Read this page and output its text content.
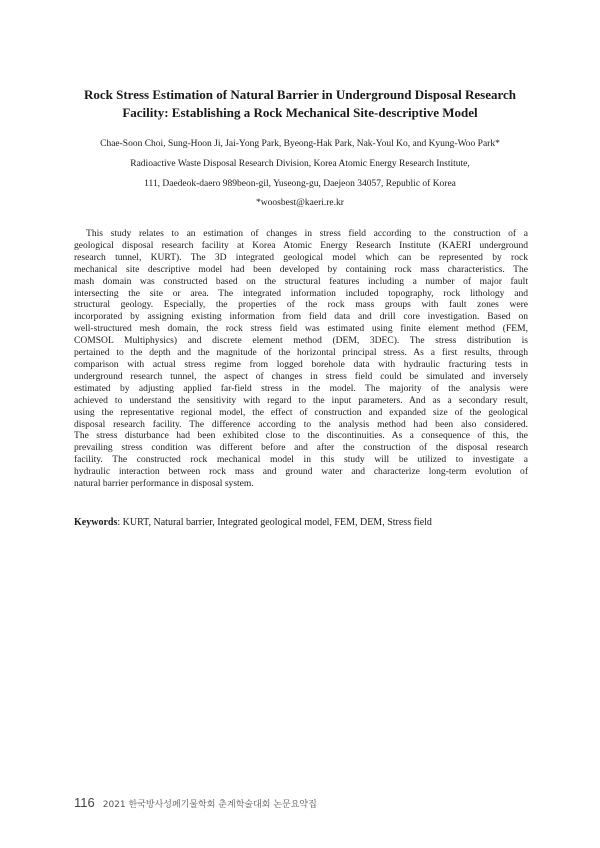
Rock Stress Estimation of Natural Barrier in Underground Disposal Research
Facility: Establishing a Rock Mechanical Site-descriptive Model

Chae-Soon Choi, Sung-Hoon Ji, Jai-Yong Park, Byeong-Hak Park, Nak-Youl Ko, and Kyung-Woo Park*

Radioactive Waste Disposal Research Division, Korea Atomic Energy Research Institute,

111, Daedeok-daero 989beon-gil, Yuseong-gu, Daejeon 34057, Republic of Korea

*woosbest@kaeri.re.kr

This study relates to an estimation of changes in stress field according to the construction of a
geological disposal research facility at Korea Atomic Energy Research Institute (KAERI underground
research tunnel, KURT). The 3D integrated geological model which can be represented by rock
mechanical site descriptive model had been developed by containing rock mass characteristics. The
mash domain was constructed based on the structural features including a number of major fault
intersecting the site or area. The integrated information included topography, rock lithology and
structural geology. Especially, the properties of the rock mass groups with fault zones were
incorporated by assigning existing information from field data and drill core investigation. Based on
well-structured mesh domain, the rock stress field was estimated using finite element method (FEM,
COMSOL Multiphysics) and discrete element method (DEM, 3DEC). The stress distribution is
pertained to the depth and the magnitude of the horizontal principal stress. As a first results, through
comparison with actual stress regime from logged borehole data with hydraulic fracturing tests in
underground research tunnel, the aspect of changes in stress field could be simulated and inversely
estimated by adjusting applied far-field stress in the model. The majority of the analysis were
achieved to understand the sensitivity with regard to the input parameters. And as a secondary result,
using the representative regional model, the effect of construction and expanded size of the geological
disposal research facility. The difference according to the analysis method had been also considered.
The stress disturbance had been exhibited close to the discontinuities. As a consequence of this, the
prevailing stress condition was different before and after the construction of the disposal research
facility. The constructed rock mechanical model in this study will be utilized to investigate a
hydraulic interaction between rock mass and ground water and characterize long-term evolution of
natural barrier performance in disposal system.

Keywords: KURT, Natural barrier, Integrated geological model, FEM, DEM, Stress field

116 2021 한국방사성폐기물학회 춘계학술대회 논문요약집
